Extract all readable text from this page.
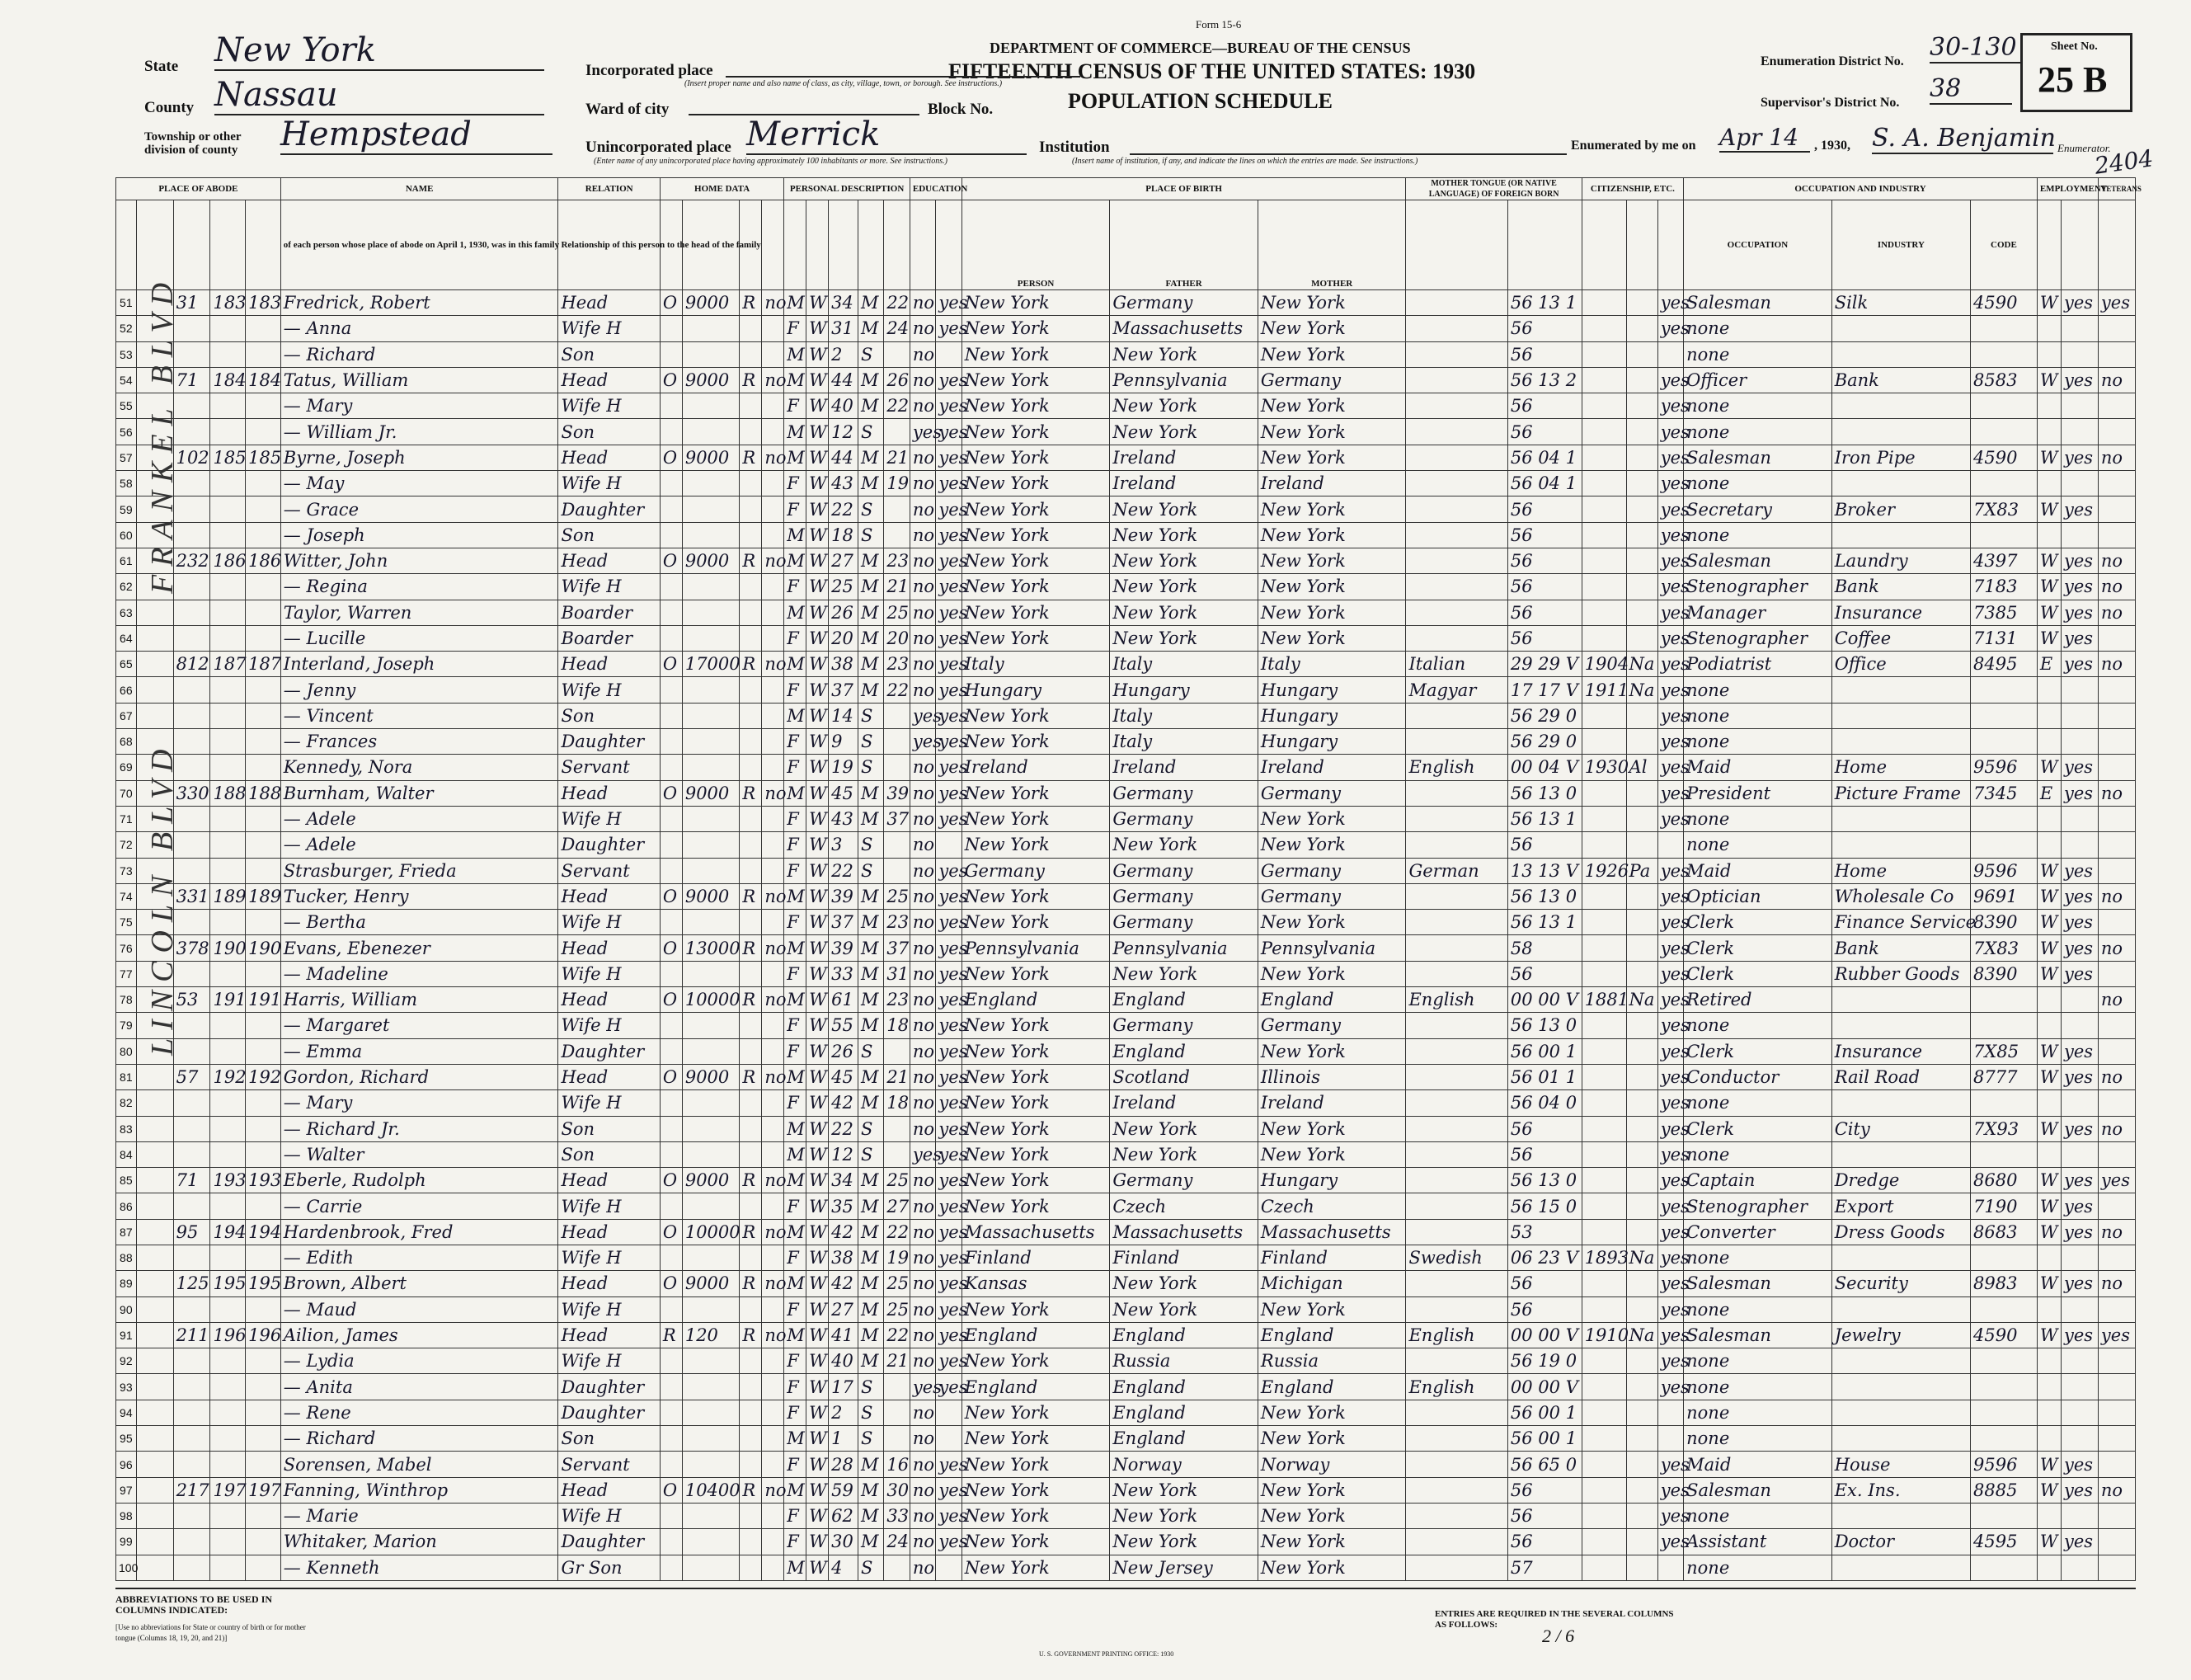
Form 15-6
DEPARTMENT OF COMMERCE—BUREAU OF THE CENSUS
FIFTEENTH CENSUS OF THE UNITED STATES: 1930
POPULATION SCHEDULE
State New York
County Nassau
Township or other division of county	Hempstead
Incorporated place
(Insert proper name and also name of class, as city, village, town, or borough. See instructions.)
Ward of city	Block No.
Unincorporated place Merrick
(Enter name of any unincorporated place having approximately 100 inhabitants or more. See instructions.)
Institution
(Insert name of institution, if any, and indicate the lines on which the entries are made. See instructions.)
Enumerated by me on Apr 14	, 1930, S. A. Benjamin Enumerator.
Enumeration District No. 30-130
Supervisor's District No. 38
Sheet No.
25 B
2404
PLACE OF ABODE					NAME	RELATION	HOME DATA				PERSONAL DESCRIPTION					EDUCATION		PLACE OF BIRTH			MOTHER TONGUE (OR NATIVE LANGUAGE) OF FOREIGN BORN		CITIZENSHIP, ETC.			OCCUPATION AND INDUSTRY			EMPLOYMENT		VETERANS
					of each person whose place of abode on April 1, 1930, was in this family	Relationship of this person to the head of the family												PERSON	FATHER	MOTHER						OCCUPATION	INDUSTRY	CODE			
51		31	183	183	Fredrick, Robert	Head	O	9000	R	no	M	W	34	M	22	no	yes	New York	Germany	New York		56 13 1			yes	Salesman	Silk	4590	W	yes	yes
52					— Anna	Wife H					F	W	31	M	24	no	yes	New York	Massachusetts	New York		56			yes	none					
53					— Richard	Son					M	W	2	S		no		New York	New York	New York		56				none					
54		71	184	184	Tatus, William	Head	O	9000	R	no	M	W	44	M	26	no	yes	New York	Pennsylvania	Germany		56 13 2			yes	Officer	Bank	8583	W	yes	no
55					— Mary	Wife H					F	W	40	M	22	no	yes	New York	New York	New York		56			yes	none					
56					— William Jr.	Son					M	W	12	S		yes	yes	New York	New York	New York		56			yes	none					
57		102	185	185	Byrne, Joseph	Head	O	9000	R	no	M	W	44	M	21	no	yes	New York	Ireland	New York		56 04 1			yes	Salesman	Iron Pipe	4590	W	yes	no
58					— May	Wife H					F	W	43	M	19	no	yes	New York	Ireland	Ireland		56 04 1			yes	none					
59					— Grace	Daughter					F	W	22	S		no	yes	New York	New York	New York		56			yes	Secretary	Broker	7X83	W	yes	
60					— Joseph	Son					M	W	18	S		no	yes	New York	New York	New York		56			yes	none					
61		232	186	186	Witter, John	Head	O	9000	R	no	M	W	27	M	23	no	yes	New York	New York	New York		56			yes	Salesman	Laundry	4397	W	yes	no
62					— Regina	Wife H					F	W	25	M	21	no	yes	New York	New York	New York		56			yes	Stenographer	Bank	7183	W	yes	no
63					Taylor, Warren	Boarder					M	W	26	M	25	no	yes	New York	New York	New York		56			yes	Manager	Insurance	7385	W	yes	no
64					— Lucille	Boarder					F	W	20	M	20	no	yes	New York	New York	New York		56			yes	Stenographer	Coffee	7131	W	yes	
65		812	187	187	Interland, Joseph	Head	O	17000	R	no	M	W	38	M	23	no	yes	Italy	Italy	Italy	Italian	29 29 V	1904	Na	yes	Podiatrist	Office	8495	E	yes	no
66					— Jenny	Wife H					F	W	37	M	22	no	yes	Hungary	Hungary	Hungary	Magyar	17 17 V	1911	Na	yes	none					
67					— Vincent	Son					M	W	14	S		yes	yes	New York	Italy	Hungary		56 29 0			yes	none					
68					— Frances	Daughter					F	W	9	S		yes	yes	New York	Italy	Hungary		56 29 0			yes	none					
69					Kennedy, Nora	Servant					F	W	19	S		no	yes	Ireland	Ireland	Ireland	English	00 04 V	1930	Al	yes	Maid	Home	9596	W	yes	
70		330	188	188	Burnham, Walter	Head	O	9000	R	no	M	W	45	M	39	no	yes	New York	Germany	Germany		56 13 0			yes	President	Picture Frame	7345	E	yes	no
71					— Adele	Wife H					F	W	43	M	37	no	yes	New York	Germany	New York		56 13 1			yes	none					
72					— Adele	Daughter					F	W	3	S		no		New York	New York	New York		56				none					
73					Strasburger, Frieda	Servant					F	W	22	S		no	yes	Germany	Germany	Germany	German	13 13 V	1926	Pa	yes	Maid	Home	9596	W	yes	
74		331	189	189	Tucker, Henry	Head	O	9000	R	no	M	W	39	M	25	no	yes	New York	Germany	Germany		56 13 0			yes	Optician	Wholesale Co	9691	W	yes	no
75					— Bertha	Wife H					F	W	37	M	23	no	yes	New York	Germany	New York		56 13 1			yes	Clerk	Finance Service	8390	W	yes	
76		378	190	190	Evans, Ebenezer	Head	O	13000	R	no	M	W	39	M	37	no	yes	Pennsylvania	Pennsylvania	Pennsylvania		58			yes	Clerk	Bank	7X83	W	yes	no
77					— Madeline	Wife H					F	W	33	M	31	no	yes	New York	New York	New York		56			yes	Clerk	Rubber Goods	8390	W	yes	
78		53	191	191	Harris, William	Head	O	10000	R	no	M	W	61	M	23	no	yes	England	England	England	English	00 00 V	1881	Na	yes	Retired					no
79					— Margaret	Wife H					F	W	55	M	18	no	yes	New York	Germany	Germany		56 13 0			yes	none					
80					— Emma	Daughter					F	W	26	S		no	yes	New York	England	New York		56 00 1			yes	Clerk	Insurance	7X85	W	yes	
81		57	192	192	Gordon, Richard	Head	O	9000	R	no	M	W	45	M	21	no	yes	New York	Scotland	Illinois		56 01 1			yes	Conductor	Rail Road	8777	W	yes	no
82					— Mary	Wife H					F	W	42	M	18	no	yes	New York	Ireland	Ireland		56 04 0			yes	none					
83					— Richard Jr.	Son					M	W	22	S		no	yes	New York	New York	New York		56			yes	Clerk	City	7X93	W	yes	no
84					— Walter	Son					M	W	12	S		yes	yes	New York	New York	New York		56			yes	none					
85		71	193	193	Eberle, Rudolph	Head	O	9000	R	no	M	W	34	M	25	no	yes	New York	Germany	Hungary		56 13 0			yes	Captain	Dredge	8680	W	yes	yes
86					— Carrie	Wife H					F	W	35	M	27	no	yes	New York	Czech	Czech		56 15 0			yes	Stenographer	Export	7190	W	yes	
87		95	194	194	Hardenbrook, Fred	Head	O	10000	R	no	M	W	42	M	22	no	yes	Massachusetts	Massachusetts	Massachusetts		53			yes	Converter	Dress Goods	8683	W	yes	no
88					— Edith	Wife H					F	W	38	M	19	no	yes	Finland	Finland	Finland	Swedish	06 23 V	1893	Na	yes	none					
89		125	195	195	Brown, Albert	Head	O	9000	R	no	M	W	42	M	25	no	yes	Kansas	New York	Michigan		56			yes	Salesman	Security	8983	W	yes	no
90					— Maud	Wife H					F	W	27	M	25	no	yes	New York	New York	New York		56			yes	none					
91		211	196	196	Ailion, James	Head	R	120	R	no	M	W	41	M	22	no	yes	England	England	England	English	00 00 V	1910	Na	yes	Salesman	Jewelry	4590	W	yes	yes
92					— Lydia	Wife H					F	W	40	M	21	no	yes	New York	Russia	Russia		56 19 0			yes	none					
93					— Anita	Daughter					F	W	17	S		yes	yes	England	England	England	English	00 00 V			yes	none					
94					— Rene	Daughter					F	W	2	S		no		New York	England	New York		56 00 1				none					
95					— Richard	Son					M	W	1	S		no		New York	England	New York		56 00 1				none					
96					Sorensen, Mabel	Servant					F	W	28	M	16	no	yes	New York	Norway	Norway		56 65 0			yes	Maid	House	9596	W	yes	
97		217	197	197	Fanning, Winthrop	Head	O	10400	R	no	M	W	59	M	30	no	yes	New York	New York	New York		56			yes	Salesman	Ex. Ins.	8885	W	yes	no
98					— Marie	Wife H					F	W	62	M	33	no	yes	New York	New York	New York		56			yes	none					
99					Whitaker, Marion	Daughter					F	W	30	M	24	no	yes	New York	New York	New York		56			yes	Assistant	Doctor	4595	W	yes	
100					— Kenneth	Gr Son					M	W	4	S		no		New York	New Jersey	New York		57				none					
FRANKEL BLVD
LINCOLN BLVD
ABBREVIATIONS TO BE USED IN COLUMNS INDICATED:
[Use no abbreviations for State or country of birth or for mother tongue (Columns 18, 19, 20, and 21)]
ENTRIES ARE REQUIRED IN THE SEVERAL COLUMNS AS FOLLOWS:
2 / 6
U. S. GOVERNMENT PRINTING OFFICE: 1930
